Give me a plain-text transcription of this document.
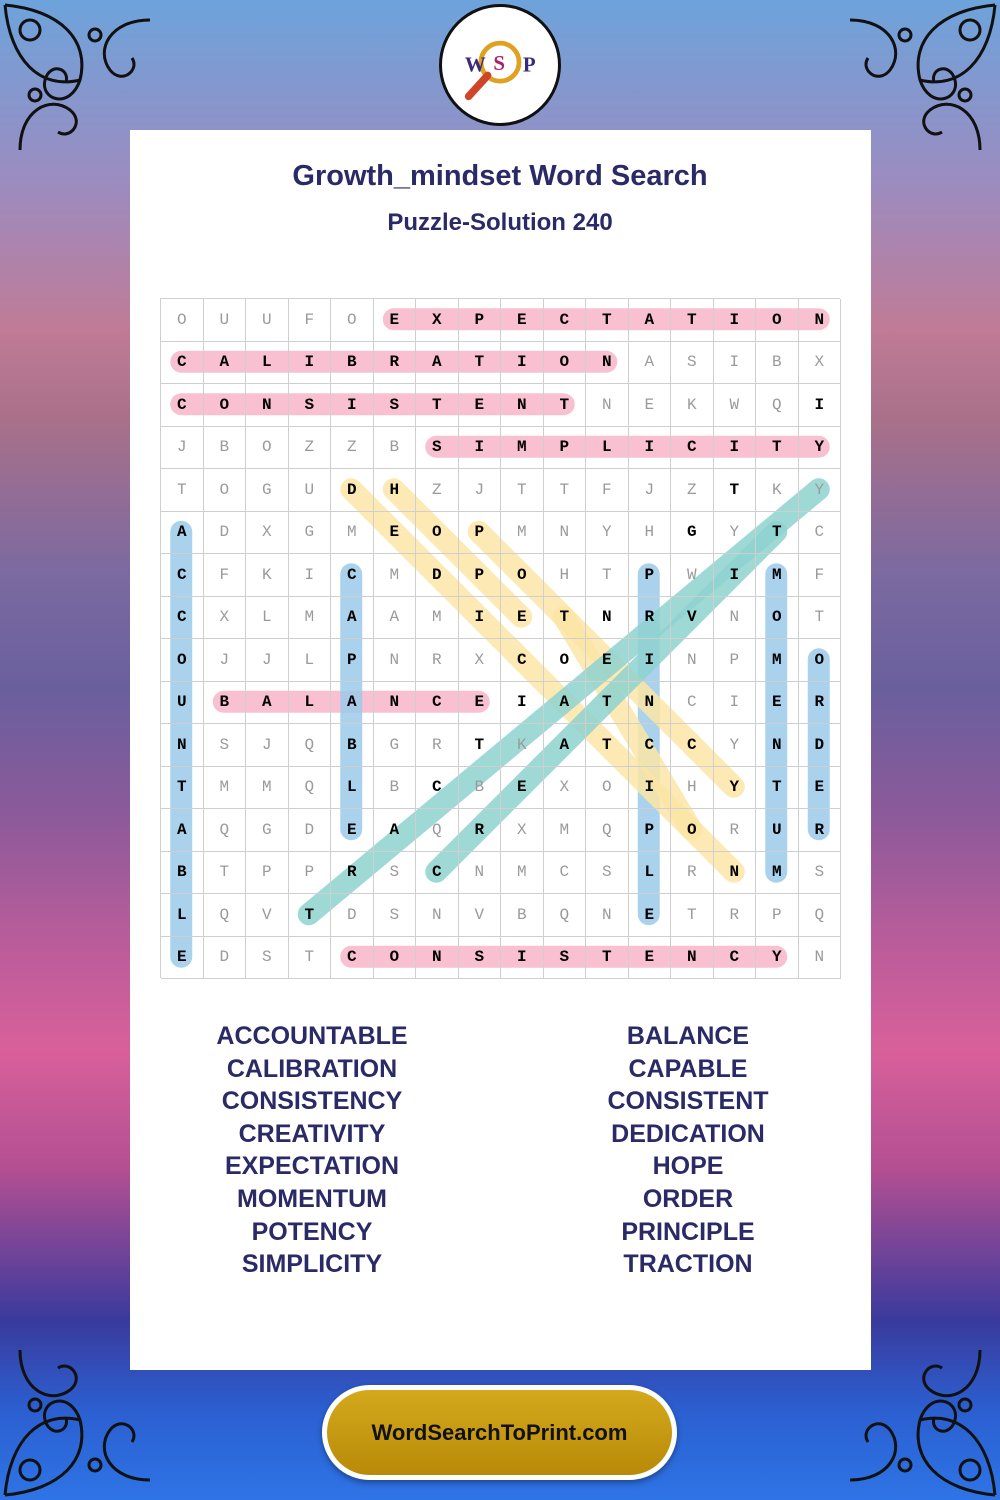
W S P
Growth_mindset Word Search
Puzzle-Solution 240
O	U	U	F	O	E	X	P	E	C	T	A	T	I	O	N
C	A	L	I	B	R	A	T	I	O	N	A	S	I	B	X
C	O	N	S	I	S	T	E	N	T	N	E	K	W	Q	I
J	B	O	Z	Z	B	S	I	M	P	L	I	C	I	T	Y
T	O	G	U	D	H	Z	J	T	T	F	J	Z	T	K	Y
A	D	X	G	M	E	O	P	M	N	Y	H	G	Y	T	C
C	F	K	I	C	M	D	P	O	H	T	P	W	I	M	F
C	X	L	M	A	A	M	I	E	T	N	R	V	N	O	T
O	J	J	L	P	N	R	X	C	O	E	I	N	P	M	O
U	B	A	L	A	N	C	E	I	A	T	N	C	I	E	R
N	S	J	Q	B	G	R	T	K	A	T	C	C	Y	N	D
T	M	M	Q	L	B	C	B	E	X	O	I	H	Y	T	E
A	Q	G	D	E	A	Q	R	X	M	Q	P	O	R	U	R
B	T	P	P	R	S	C	N	M	C	S	L	R	N	M	S
L	Q	V	T	D	S	N	V	B	Q	N	E	T	R	P	Q
E	D	S	T	C	O	N	S	I	S	T	E	N	C	Y	N
ACCOUNTABLE
CALIBRATION
CONSISTENCY
CREATIVITY
EXPECTATION
MOMENTUM
POTENCY
SIMPLICITY
BALANCE
CAPABLE
CONSISTENT
DEDICATION
HOPE
ORDER
PRINCIPLE
TRACTION
WordSearchToPrint.com
